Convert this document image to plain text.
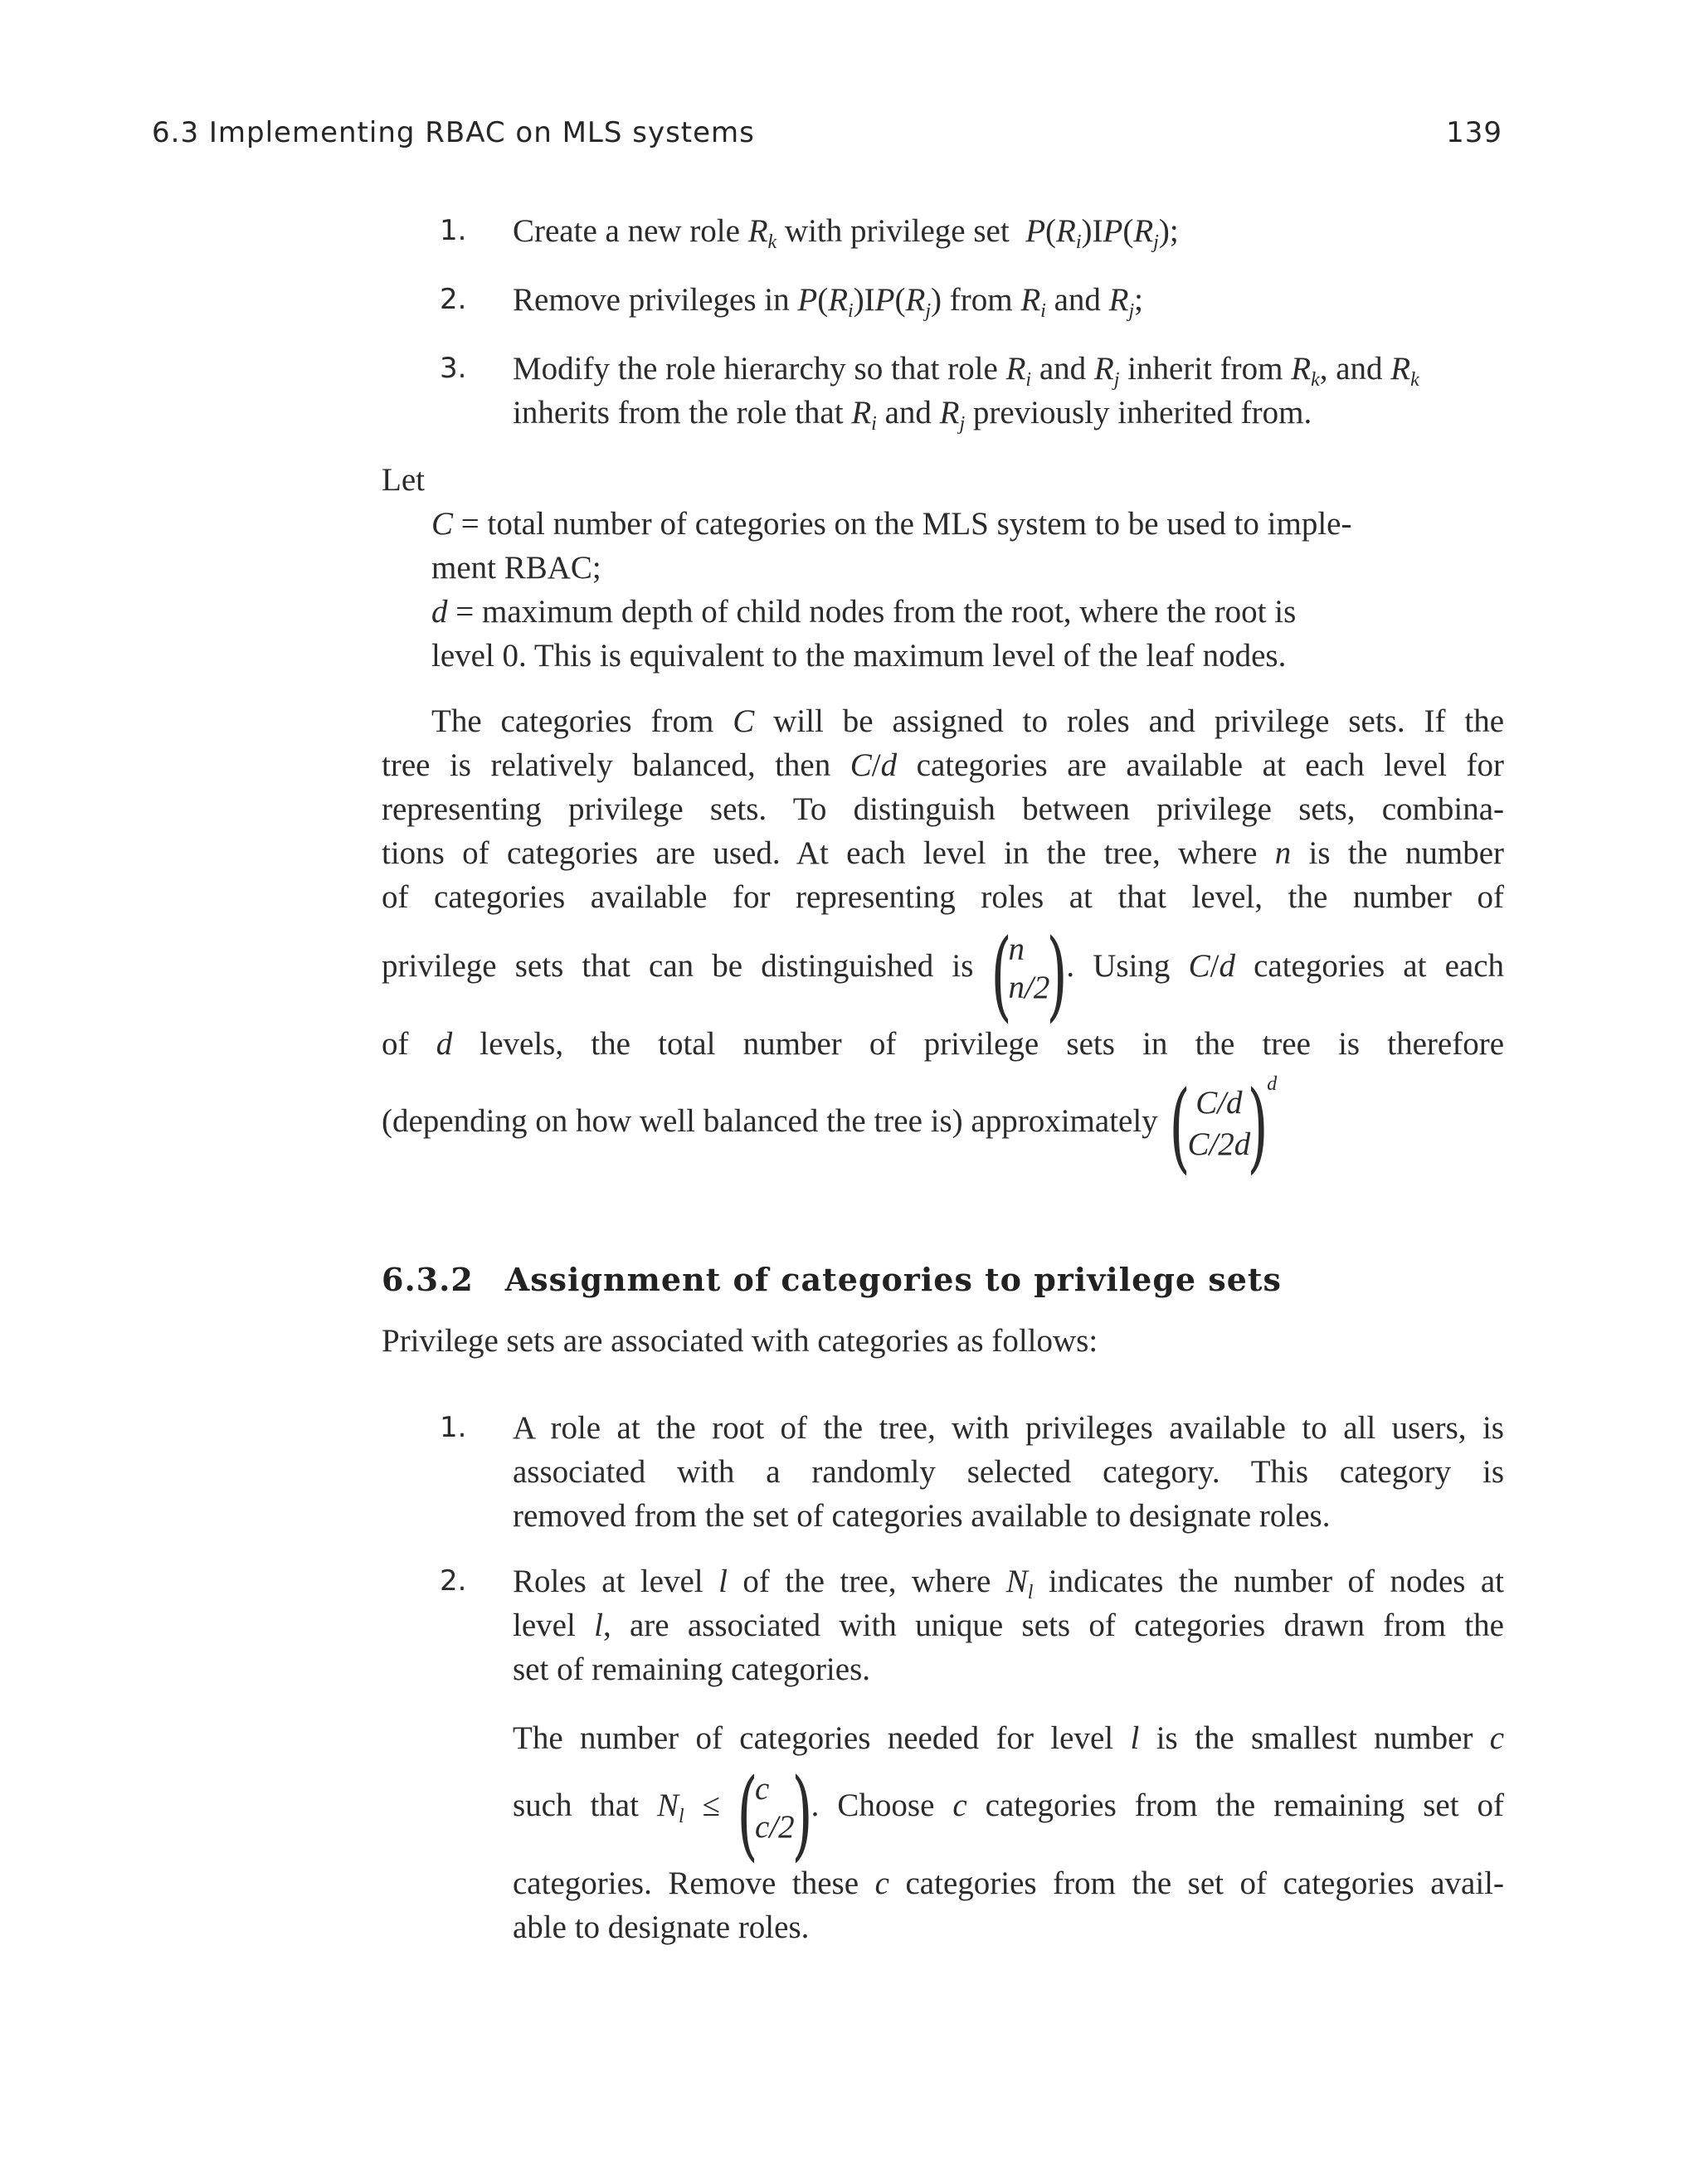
6.3 Implementing RBAC on MLS systems	139
1. Create a new role $R_k$ with privilege set $P(R_i)IP(R_j)$;
2. Remove privileges in $P(R_i)IP(R_j)$ from $R_i$ and $R_j$;
3. Modify the role hierarchy so that role $R_i$ and $R_j$ inherit from $R_k$, and $R_k$
inherits from the role that $R_i$ and $R_j$ previously inherited from.
Let
C = total number of categories on the MLS system to be used to imple-
ment RBAC;
d = maximum depth of child nodes from the root, where the root is
level 0. This is equivalent to the maximum level of the leaf nodes.
The categories from C will be assigned to roles and privilege sets. If the
tree is relatively balanced, then C/d categories are available at each level for
representing privilege sets. To distinguish between privilege sets, combina-
tions of categories are used. At each level in the tree, where n is the number
of categories available for representing roles at that level, the number of
privilege sets that can be distinguished is (
n
n/2
)
. Using C/d categories at each
of d levels, the total number of privilege sets in the tree is therefore
(depending on how well balanced the tree is) approximately ( C/d
C/2d
)
$^d$
6.3.2 Assignment of categories to privilege sets
Privilege sets are associated with categories as follows:
1. A role at the root of the tree, with privileges available to all users, is
associated with a randomly selected category. This category is
removed from the set of categories available to designate roles.
2. Roles at level l of the tree, where $N_l$ indicates the number of nodes at
level l, are associated with unique sets of categories drawn from the
set of remaining categories.
The number of categories needed for level l is the smallest number c
such that $N_l$ ≤
(
c
c/2
)
. Choose c categories from the remaining set of
categories. Remove these c categories from the set of categories avail-
able to designate roles.
